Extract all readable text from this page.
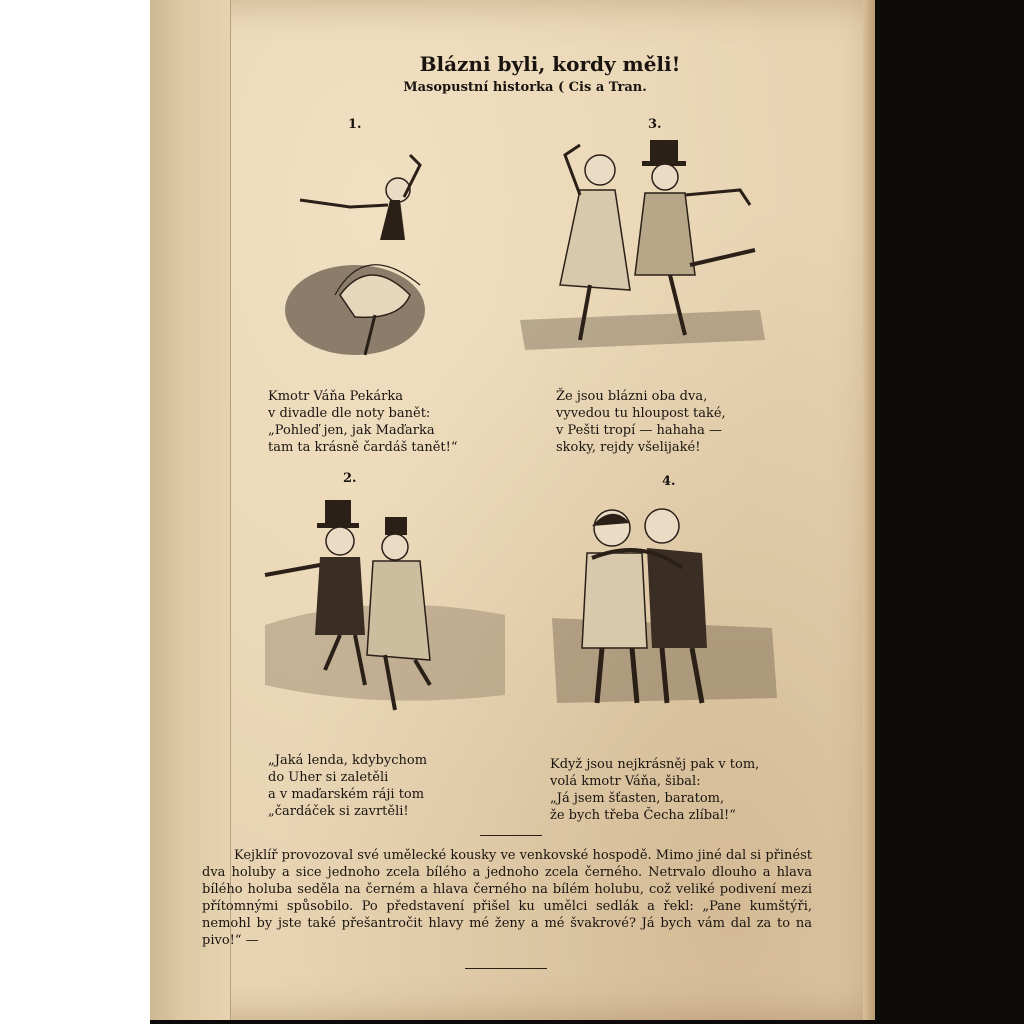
Blázni byli, kordy měli!
Masopustní historka ( Cis a Tran.
1.	3.
Kmotr Váňa Pekárka
v divadle dle noty banět:
„Pohleď jen, jak Maďarka
tam ta krásně čardáš tanět!“
Že jsou blázni oba dva,
vyvedou tu hloupost také,
v Pešti tropí — hahaha —
skoky, rejdy všelijaké!
2.	4.
„Jaká lenda, kdybychom
do Uher si zaletěli
a v maďarském ráji tom
„čardáček si zavrtěli!
Když jsou nejkrásněj pak v tom,
volá kmotr Váňa, šibal:
„Já jsem šťasten, baratom,
že bych třeba Čecha zlíbal!“
Kejklíř provozoval své umělecké kousky ve venkovské hospodě. Mimo jiné dal si přinést dva holuby a sice jednoho zcela bílého a jednoho zcela černého. Netrvalo dlouho a hlava bílého holuba seděla na černém a hlava černého na bílém holubu, což veliké podivení mezi přítomnými spůsobilo. Po představení přišel ku umělci sedlák a řekl: „Pane kumštýři, nemohl by jste také přešantročit hlavy mé ženy a mé švakrové? Já bych vám dal za to na pivo!“ —
